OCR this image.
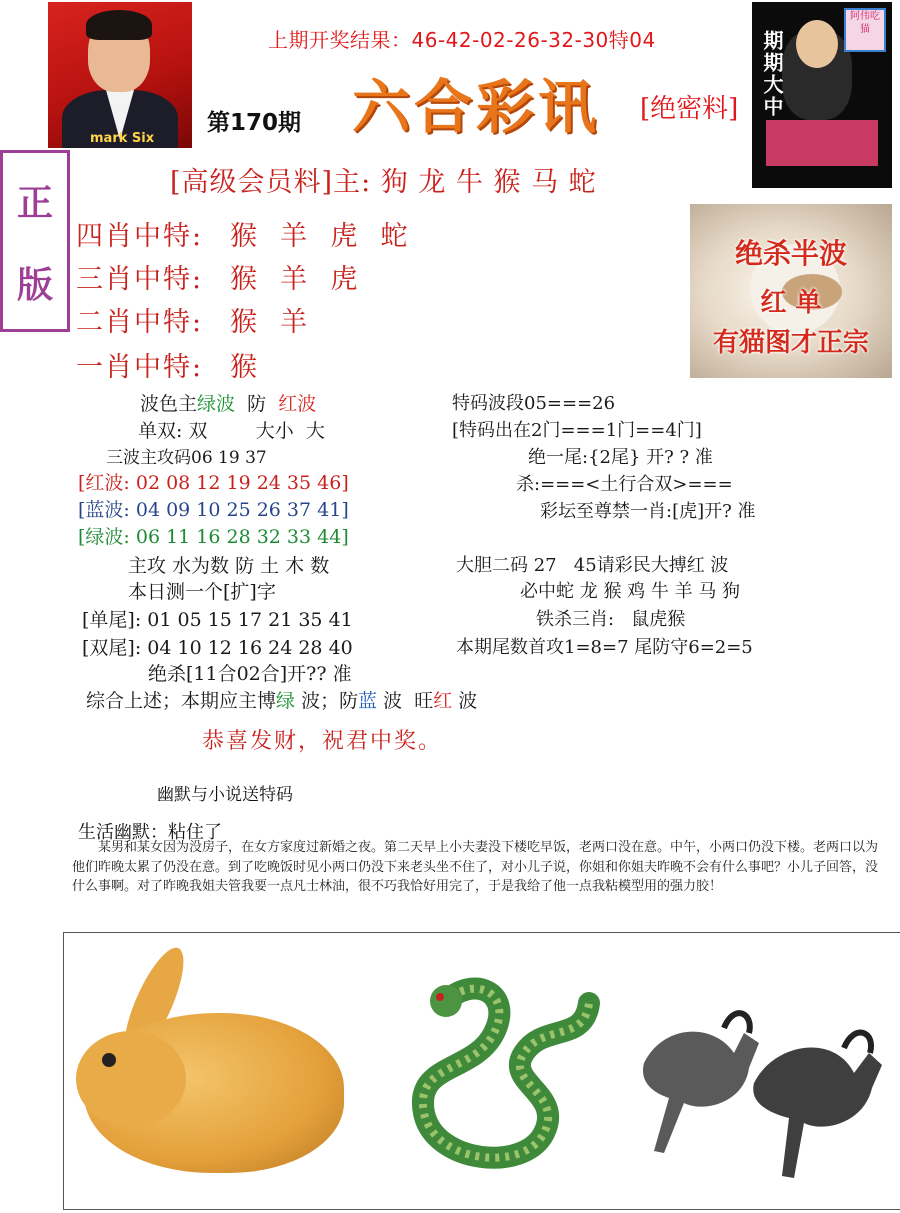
mark Six
期期大中
阿伟吃猫
上期开奖结果：46-42-02-26-32-30特04
六合彩讯 [绝密料]
第170期
正
版
绝杀半波
红 单
有猫图才正宗
[高级会员料]主: 狗 龙 牛 猴 马 蛇
四肖中特: 猴  羊  虎  蛇
三肖中特: 猴  羊  虎
二肖中特: 猴  羊
一肖中特: 猴
波色主绿波  防  红波
单双: 双        大小  大
三波主攻码06 19 37
[红波: 02 08 12 19 24 35 46]
[蓝波: 04 09 10 25 26 37 41]
[绿波: 06 11 16 28 32 33 44]
主攻 水为数 防 土 木 数
本日测一个[扩]字
[单尾]: 01 05 15 17 21 35 41
[双尾]: 04 10 12 16 24 28 40
绝杀[11合02合]开?? 准
特码波段05===26
[特码出在2门===1门==4门]
绝一尾:{2尾} 开? ? 准
杀:===<土行合双>===
彩坛至尊禁一肖:[虎]开? 准
大胆二码 27   45请彩民大搏红 波
必中蛇 龙 猴 鸡 牛 羊 马 狗
铁杀三肖:   鼠虎猴
本期尾数首攻1=8=7 尾防守6=2=5
综合上述；本期应主博绿 波；防蓝 波  旺红 波
恭喜发财，祝君中奖。
幽默与小说送特码
生活幽默：粘住了
某男和某女因为没房子，在女方家度过新婚之夜。第二天早上小夫妻没下楼吃早饭，老两口没在意。中午，小两口仍没下楼。老两口以为他们昨晚太累了仍没在意。到了吃晚饭时见小两口仍没下来老头坐不住了，对小儿子说，你姐和你姐夫昨晚不会有什么事吧？小儿子回答，没什么事啊。对了昨晚我姐夫管我要一点凡士林油，很不巧我恰好用完了，于是我给了他一点我粘模型用的强力胶！
